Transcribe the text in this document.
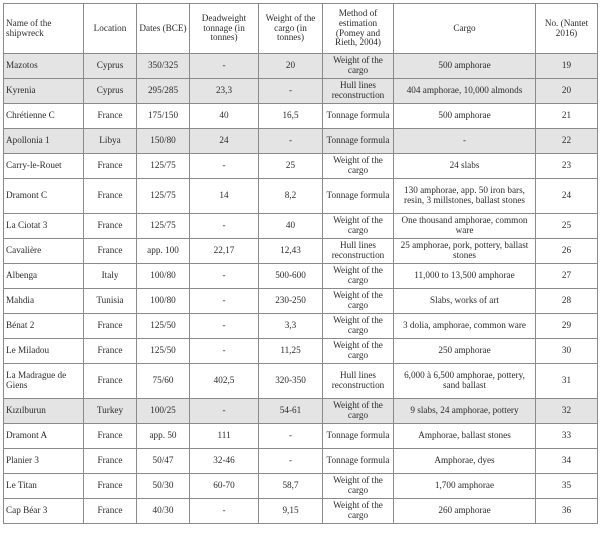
Name of the shipwreck	Location	Dates (BCE)	Deadweight tonnage (in tonnes)	Weight of the cargo (in tonnes)	Method of estimation (Pomey and Rieth, 2004)	Cargo	No. (Nantet 2016)
Mazotos	Cyprus	350/325	-	20	Weight of the cargo	500 amphorae	19
Kyrenia	Cyprus	295/285	23,3	-	Hull lines reconstruction	404 amphorae, 10,000 almonds	20
Chrétienne C	France	175/150	40	16,5	Tonnage formula	500 amphorae	21
Apollonia 1	Libya	150/80	24	-	Tonnage formula	-	22
Carry-le-Rouet	France	125/75	-	25	Weight of the cargo	24 slabs	23
Dramont C	France	125/75	14	8,2	Tonnage formula	130 amphorae, app. 50 iron bars, resin, 3 millstones, ballast stones	24
La Ciotat 3	France	125/75	-	40	Weight of the cargo	One thousand amphorae, common ware	25
Cavalière	France	app. 100	22,17	12,43	Hull lines reconstruction	25 amphorae, pork, pottery, ballast stones	26
Albenga	Italy	100/80	-	500-600	Weight of the cargo	11,000 to 13,500 amphorae	27
Mahdia	Tunisia	100/80	-	230-250	Weight of the cargo	Slabs, works of art	28
Bénat 2	France	125/50	-	3,3	Weight of the cargo	3 dolia, amphorae, common ware	29
Le Miladou	France	125/50	-	11,25	Weight of the cargo	250 amphorae	30
La Madrague de Giens	France	75/60	402,5	320-350	Hull lines reconstruction	6,000 à 6,500 amphorae, pottery, sand ballast	31
Kızılburun	Turkey	100/25	-	54-61	Weight of the cargo	9 slabs, 24 amphorae, pottery	32
Dramont A	France	app. 50	111	-	Tonnage formula	Amphorae, ballast stones	33
Planier 3	France	50/47	32-46	-	Tonnage formula	Amphorae, dyes	34
Le Titan	France	50/30	60-70	58,7	Weight of the cargo	1,700 amphorae	35
Cap Béar 3	France	40/30	-	9,15	Weight of the cargo	260 amphorae	36
